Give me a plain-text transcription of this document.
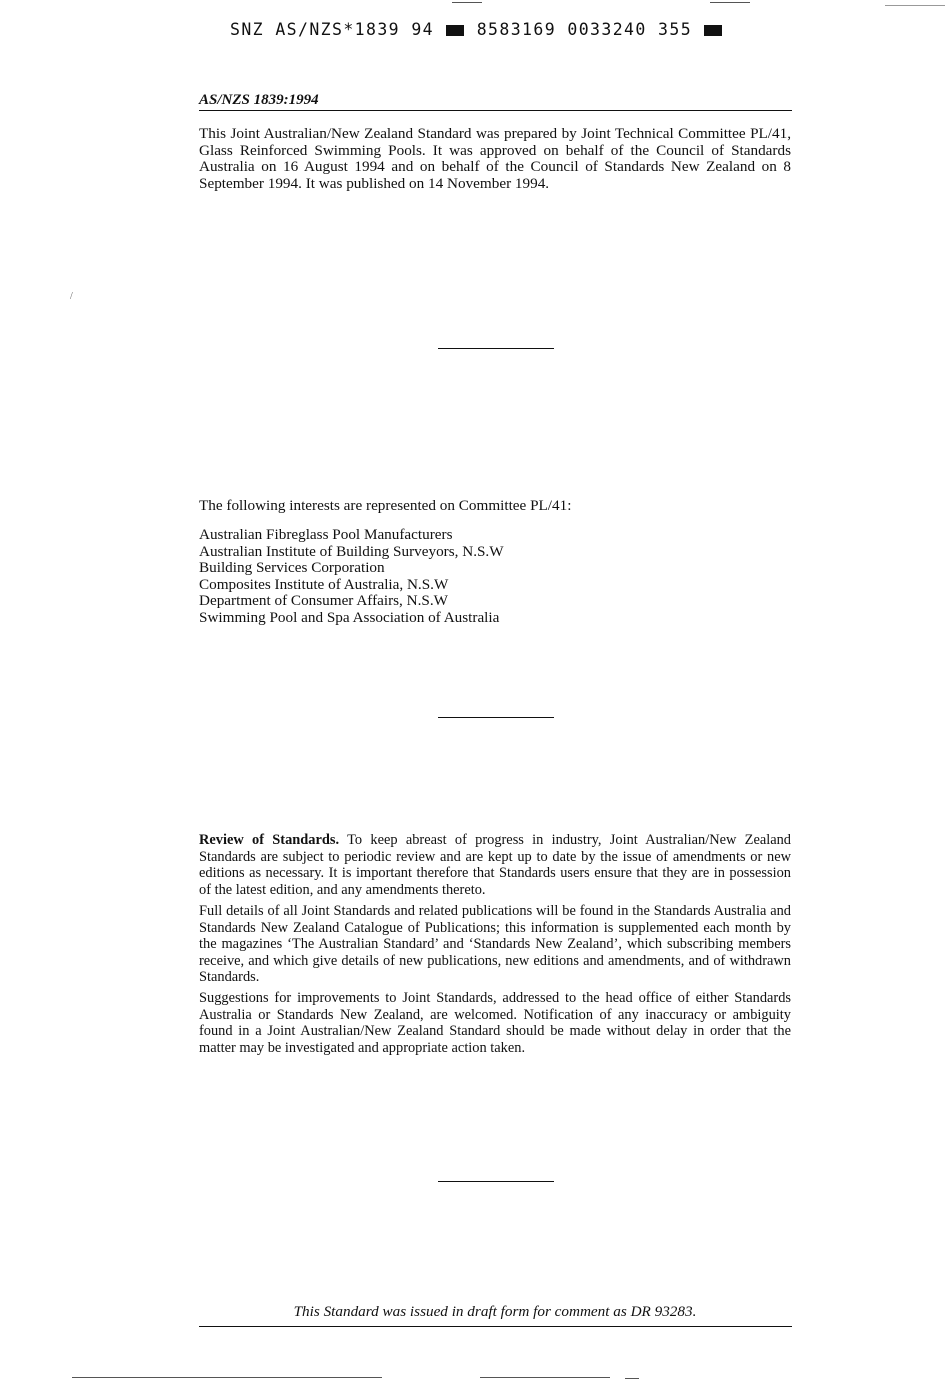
SNZ AS/NZS*1839 94	8583169 0033240 355
AS/NZS 1839:1994

This Joint Australian/New Zealand Standard was prepared by Joint Technical Committee PL/41, Glass Reinforced Swimming Pools. It was approved on behalf of the Council of Standards Australia on 16 August 1994 and on behalf of the Council of Standards New Zealand on 8 September 1994. It was published on 14 November 1994.

/
The following interests are represented on Committee PL/41:
Australian Fibreglass Pool Manufacturers
Australian Institute of Building Surveyors, N.S.W
Building Services Corporation
Composites Institute of Australia, N.S.W
Department of Consumer Affairs, N.S.W
Swimming Pool and Spa Association of Australia

Review of Standards. To keep abreast of progress in industry, Joint Australian/New Zealand Standards are subject to periodic review and are kept up to date by the issue of amendments or new editions as necessary. It is important therefore that Standards users ensure that they are in possession of the latest edition, and any amendments thereto.

Full details of all Joint Standards and related publications will be found in the Standards Australia and Standards New Zealand Catalogue of Publications; this information is supplemented each month by the magazines ‘The Australian Standard’ and ‘Standards New Zealand’, which subscribing members receive, and which give details of new publications, new editions and amendments, and of withdrawn Standards.

Suggestions for improvements to Joint Standards, addressed to the head office of either Standards Australia or Standards New Zealand, are welcomed. Notification of any inaccuracy or ambiguity found in a Joint Australian/New Zealand Standard should be made without delay in order that the matter may be investigated and appropriate action taken.

This Standard was issued in draft form for comment as DR 93283.
